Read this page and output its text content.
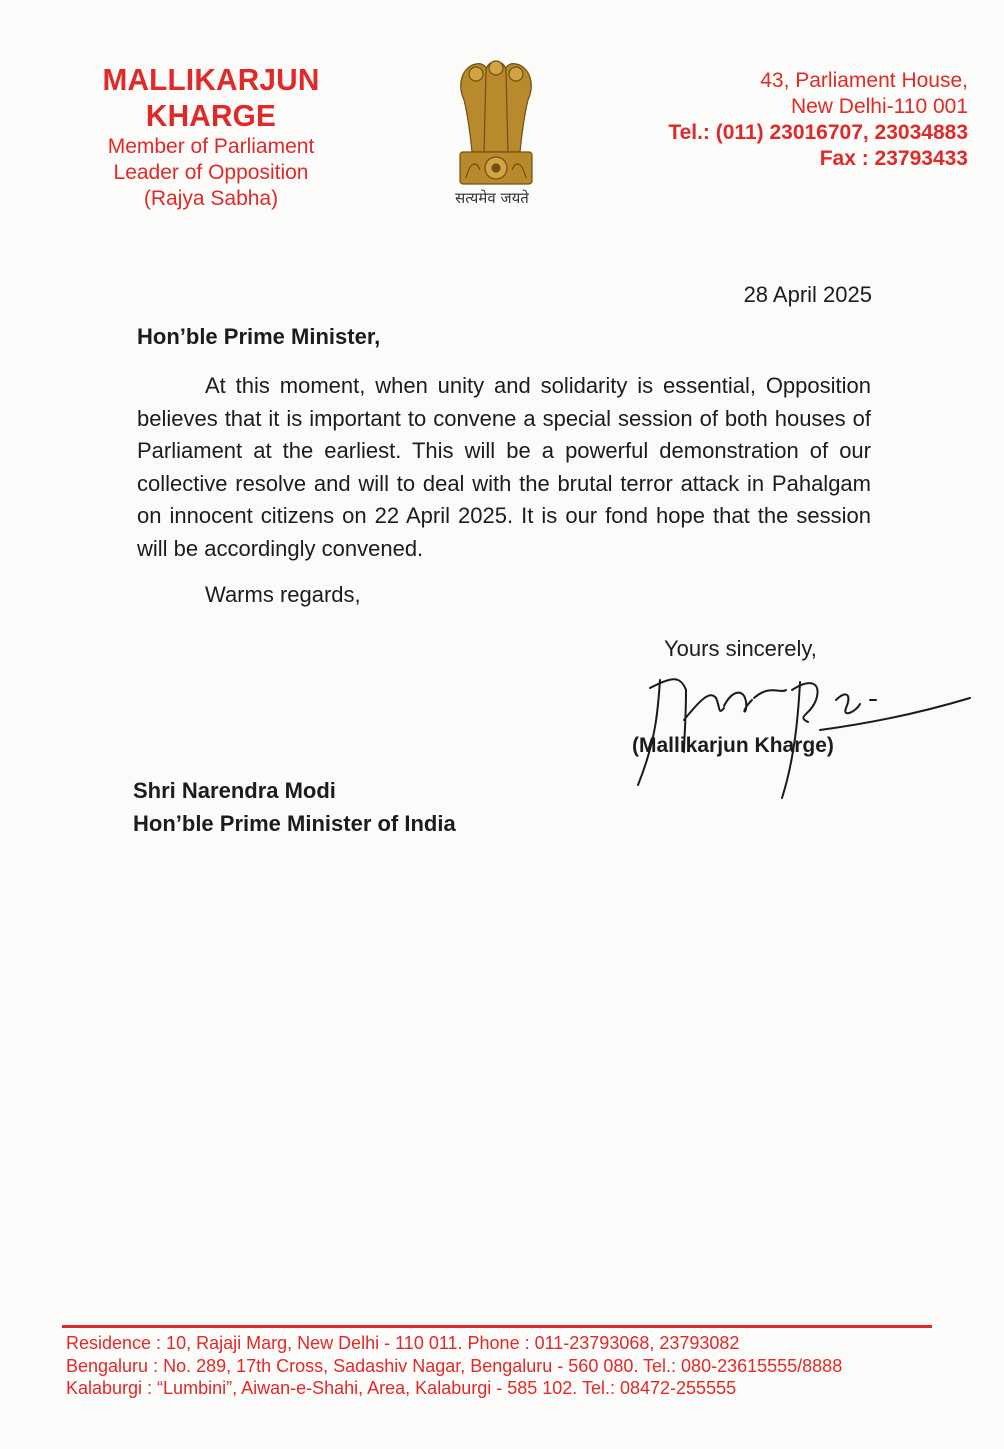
MALLIKARJUN KHARGE
Member of Parliament
Leader of Opposition
(Rajya Sabha)	सत्यमेव जयते
43, Parliament House,
New Delhi-110 001
Tel.: (011) 23016707, 23034883
Fax : 23793433
28 April 2025
Hon’ble Prime Minister,
At this moment, when unity and solidarity is essential, Opposition believes that it is important to convene a special session of both houses of Parliament at the earliest. This will be a powerful demonstration of our collective resolve and will to deal with the brutal terror attack in Pahalgam on innocent citizens on 22 April 2025. It is our fond hope that the session will be accordingly convened.
Warms regards,
Yours sincerely,
(Mallikarjun Kharge)
Shri Narendra Modi
Hon’ble Prime Minister of India
Residence : 10, Rajaji Marg, New Delhi - 110 011. Phone : 011-23793068, 23793082
Bengaluru : No. 289, 17th Cross, Sadashiv Nagar, Bengaluru - 560 080. Tel.: 080-23615555/8888
Kalaburgi : “Lumbini”, Aiwan-e-Shahi, Area, Kalaburgi - 585 102. Tel.: 08472-255555
